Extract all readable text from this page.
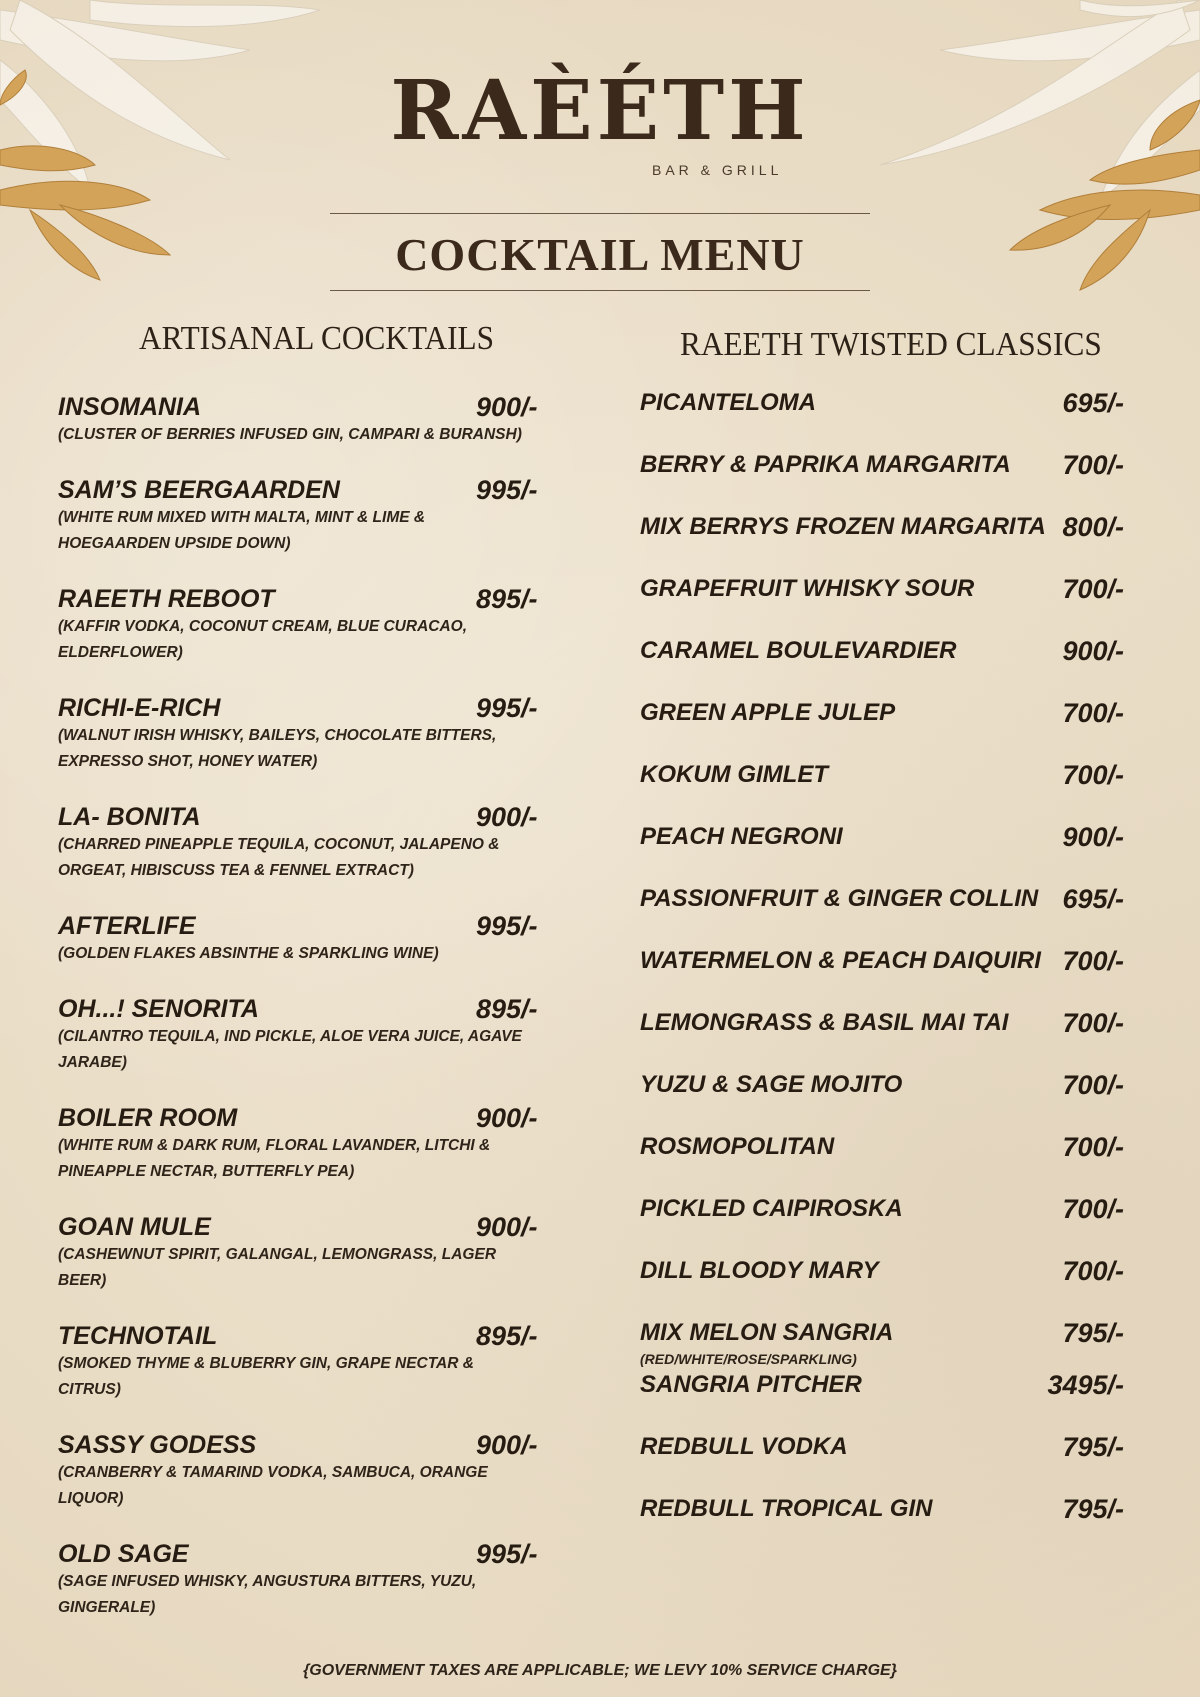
RAÈÉTH
BAR & GRILL
COCKTAIL MENU
ARTISANAL COCKTAILS	RAEETH TWISTED CLASSICS
INSOMANIA	900/-
(CLUSTER OF BERRIES INFUSED GIN, CAMPARI & BURANSH)
SAM’S BEERGAARDEN	995/-
(WHITE RUM MIXED WITH MALTA, MINT & LIME &
HOEGAARDEN UPSIDE DOWN)
RAEETH REBOOT	895/-
(KAFFIR VODKA, COCONUT CREAM, BLUE CURACAO,
ELDERFLOWER)
RICHI-E-RICH	995/-
(WALNUT IRISH WHISKY, BAILEYS, CHOCOLATE BITTERS,
EXPRESSO SHOT, HONEY WATER)
LA- BONITA	900/-
(CHARRED PINEAPPLE TEQUILA, COCONUT, JALAPENO &
ORGEAT, HIBISCUSS TEA & FENNEL EXTRACT)
AFTERLIFE	995/-
(GOLDEN FLAKES ABSINTHE & SPARKLING WINE)
OH...! SENORITA	895/-
(CILANTRO TEQUILA, IND PICKLE, ALOE VERA JUICE, AGAVE
JARABE)
BOILER ROOM	900/-
(WHITE RUM & DARK RUM, FLORAL LAVANDER, LITCHI &
PINEAPPLE NECTAR, BUTTERFLY PEA)
GOAN MULE	900/-
(CASHEWNUT SPIRIT, GALANGAL, LEMONGRASS, LAGER
BEER)
TECHNOTAIL	895/-
(SMOKED THYME & BLUBERRY GIN, GRAPE NECTAR &
CITRUS)
SASSY GODESS	900/-
(CRANBERRY & TAMARIND VODKA, SAMBUCA, ORANGE
LIQUOR)
OLD SAGE	995/-
(SAGE INFUSED WHISKY, ANGUSTURA BITTERS, YUZU,
GINGERALE)
PICANTELOMA	695/-
BERRY & PAPRIKA MARGARITA	700/-
MIX BERRYS FROZEN MARGARITA 800/-
GRAPEFRUIT WHISKY SOUR	700/-
CARAMEL BOULEVARDIER	900/-
GREEN APPLE JULEP	700/-
KOKUM GIMLET	700/-
PEACH NEGRONI	900/-
PASSIONFRUIT & GINGER COLLIN 695/-
WATERMELON & PEACH DAIQUIRI 700/-
LEMONGRASS & BASIL MAI TAI	700/-
YUZU & SAGE MOJITO	700/-
ROSMOPOLITAN	700/-
PICKLED CAIPIROSKA	700/-
DILL BLOODY MARY	700/-
MIX MELON SANGRIA	795/-
(RED/WHITE/ROSE/SPARKLING)
SANGRIA PITCHER	3495/-
REDBULL VODKA	795/-
REDBULL TROPICAL GIN	795/-
{GOVERNMENT TAXES ARE APPLICABLE; WE LEVY 10% SERVICE CHARGE}
